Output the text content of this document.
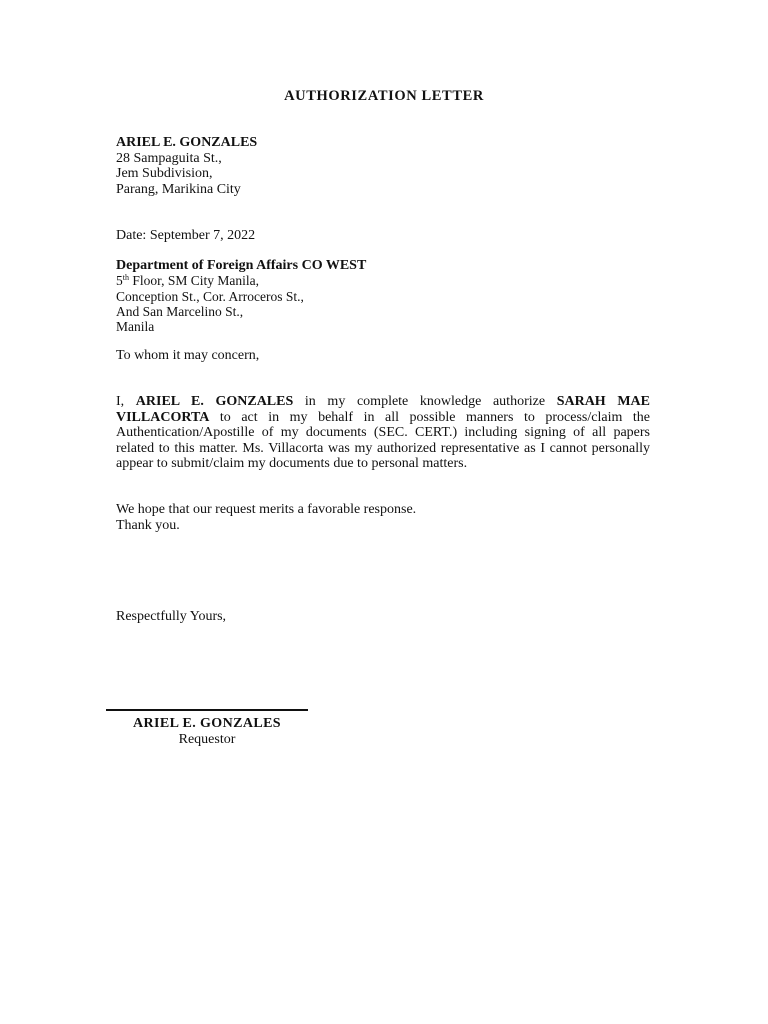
AUTHORIZATION LETTER
ARIEL E. GONZALES
28 Sampaguita St.,
Jem Subdivision,
Parang, Marikina City
Date: September 7, 2022
Department of Foreign Affairs CO WEST
5th Floor, SM City Manila,
Conception St., Cor. Arroceros St.,
And San Marcelino St.,
Manila
To whom it may concern,
I, ARIEL E. GONZALES in my complete knowledge authorize SARAH MAE VILLACORTA to act in my behalf in all possible manners to process/claim the Authentication/Apostille of my documents (SEC. CERT.) including signing of all papers related to this matter. Ms. Villacorta was my authorized representative as I cannot personally appear to submit/claim my documents due to personal matters.
We hope that our request merits a favorable response.
Thank you.
Respectfully Yours,
ARIEL E. GONZALES
Requestor
